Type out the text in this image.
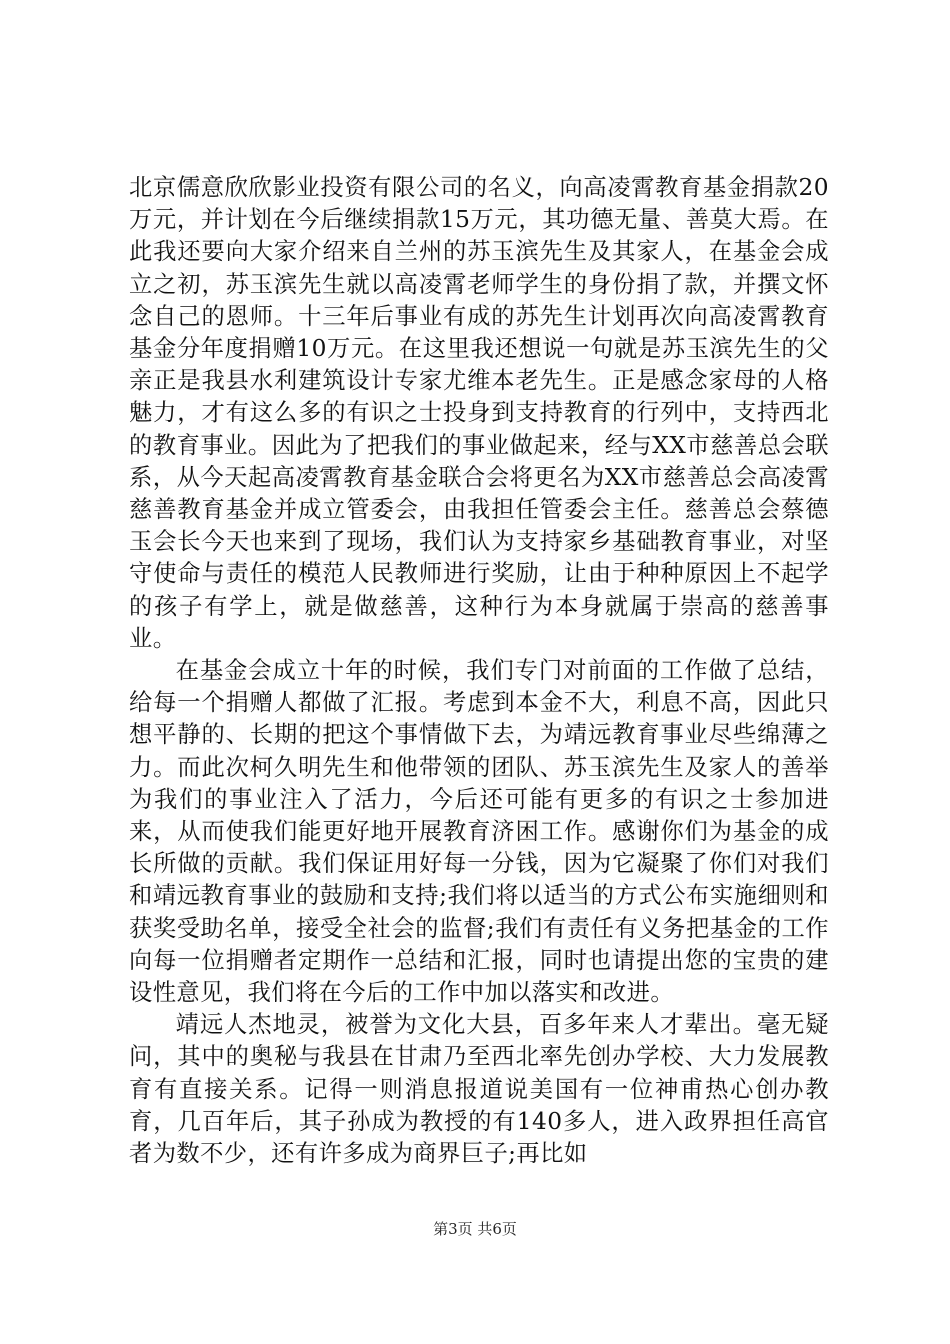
北京儒意欣欣影业投资有限公司的名义，向高凌霄教育基金捐款20万元，并计划在今后继续捐款15万元，其功德无量、善莫大焉。在此我还要向大家介绍来自兰州的苏玉滨先生及其家人，在基金会成立之初，苏玉滨先生就以高凌霄老师学生的身份捐了款，并撰文怀念自己的恩师。十三年后事业有成的苏先生计划再次向高凌霄教育基金分年度捐赠10万元。在这里我还想说一句就是苏玉滨先生的父亲正是我县水利建筑设计专家尤维本老先生。正是感念家母的人格魅力，才有这么多的有识之士投身到支持教育的行列中，支持西北的教育事业。因此为了把我们的事业做起来，经与XX市慈善总会联系，从今天起高凌霄教育基金联合会将更名为XX市慈善总会高凌霄慈善教育基金并成立管委会，由我担任管委会主任。慈善总会蔡德玉会长今天也来到了现场，我们认为支持家乡基础教育事业，对坚守使命与责任的模范人民教师进行奖励，让由于种种原因上不起学的孩子有学上，就是做慈善，这种行为本身就属于崇高的慈善事业。

在基金会成立十年的时候，我们专门对前面的工作做了总结，给每一个捐赠人都做了汇报。考虑到本金不大，利息不高，因此只想平静的、长期的把这个事情做下去，为靖远教育事业尽些绵薄之力。而此次柯久明先生和他带领的团队、苏玉滨先生及家人的善举为我们的事业注入了活力，今后还可能有更多的有识之士参加进来，从而使我们能更好地开展教育济困工作。感谢你们为基金的成长所做的贡献。我们保证用好每一分钱，因为它凝聚了你们对我们和靖远教育事业的鼓励和支持;我们将以适当的方式公布实施细则和获奖受助名单，接受全社会的监督;我们有责任有义务把基金的工作向每一位捐赠者定期作一总结和汇报，同时也请提出您的宝贵的建设性意见，我们将在今后的工作中加以落实和改进。

靖远人杰地灵，被誉为文化大县，百多年来人才辈出。毫无疑问，其中的奥秘与我县在甘肃乃至西北率先创办学校、大力发展教育有直接关系。记得一则消息报道说美国有一位神甫热心创办教育，几百年后，其子孙成为教授的有140多人，进入政界担任高官者为数不少，还有许多成为商界巨子;再比如

第3页 共6页
